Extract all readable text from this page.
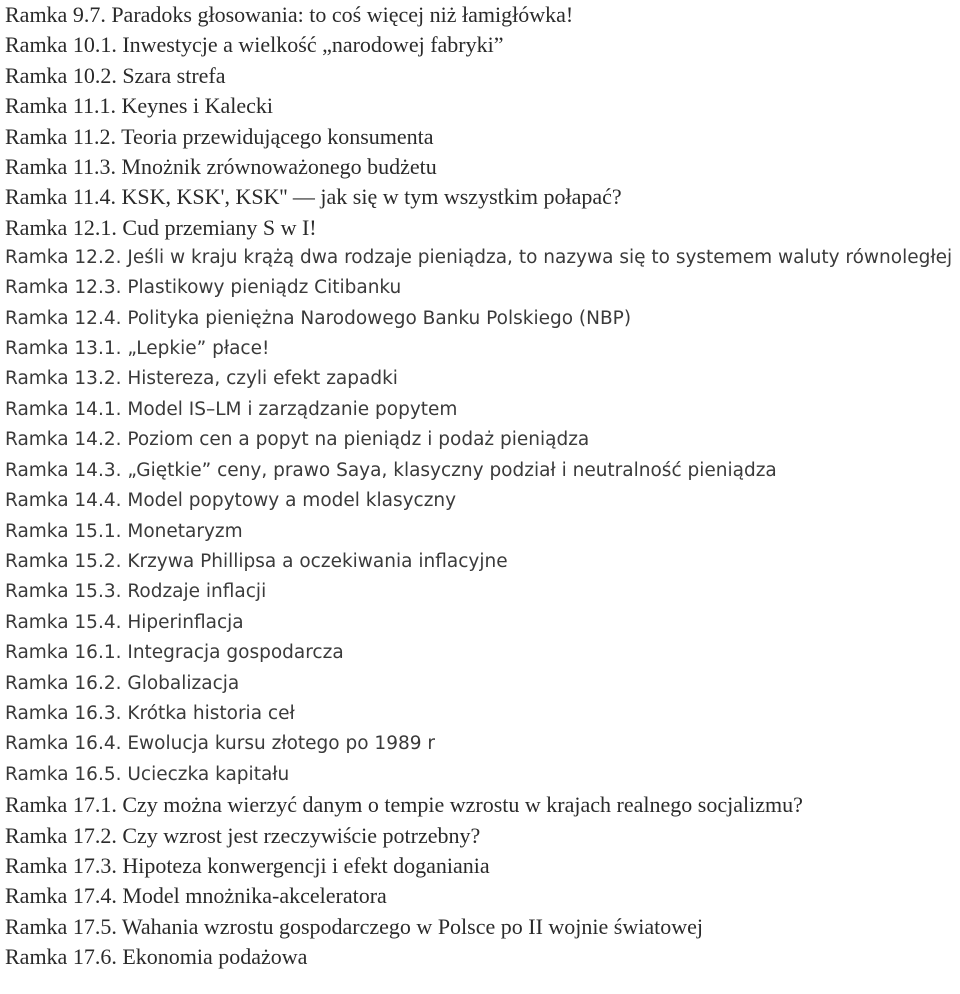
Ramka 9.7. Paradoks głosowania: to coś więcej niż łamigłówka!
Ramka 10.1. Inwestycje a wielkość „narodowej fabryki”
Ramka 10.2. Szara strefa
Ramka 11.1. Keynes i Kalecki
Ramka 11.2. Teoria przewidującego konsumenta
Ramka 11.3. Mnożnik zrównoważonego budżetu
Ramka 11.4. KSK, KSK', KSK'' — jak się w tym wszystkim połapać?
Ramka 12.1. Cud przemiany S w I!
Ramka 12.2. Jeśli w kraju krążą dwa rodzaje pieniądza, to nazywa się to systemem waluty równoległej
Ramka 12.3. Plastikowy pieniądz Citibanku
Ramka 12.4. Polityka pieniężna Narodowego Banku Polskiego (NBP)
Ramka 13.1. „Lepkie” płace!
Ramka 13.2. Histereza, czyli efekt zapadki
Ramka 14.1. Model IS–LM i zarządzanie popytem
Ramka 14.2. Poziom cen a popyt na pieniądz i podaż pieniądza
Ramka 14.3. „Giętkie” ceny, prawo Saya, klasyczny podział i neutralność pieniądza
Ramka 14.4. Model popytowy a model klasyczny
Ramka 15.1. Monetaryzm
Ramka 15.2. Krzywa Phillipsa a oczekiwania inflacyjne
Ramka 15.3. Rodzaje inflacji
Ramka 15.4. Hiperinflacja
Ramka 16.1. Integracja gospodarcza
Ramka 16.2. Globalizacja
Ramka 16.3. Krótka historia ceł
Ramka 16.4. Ewolucja kursu złotego po 1989 r
Ramka 16.5. Ucieczka kapitału
Ramka 17.1. Czy można wierzyć danym o tempie wzrostu w krajach realnego socjalizmu?
Ramka 17.2. Czy wzrost jest rzeczywiście potrzebny?
Ramka 17.3. Hipoteza konwergencji i efekt doganiania
Ramka 17.4. Model mnożnika-akceleratora
Ramka 17.5. Wahania wzrostu gospodarczego w Polsce po II wojnie światowej
Ramka 17.6. Ekonomia podażowa
